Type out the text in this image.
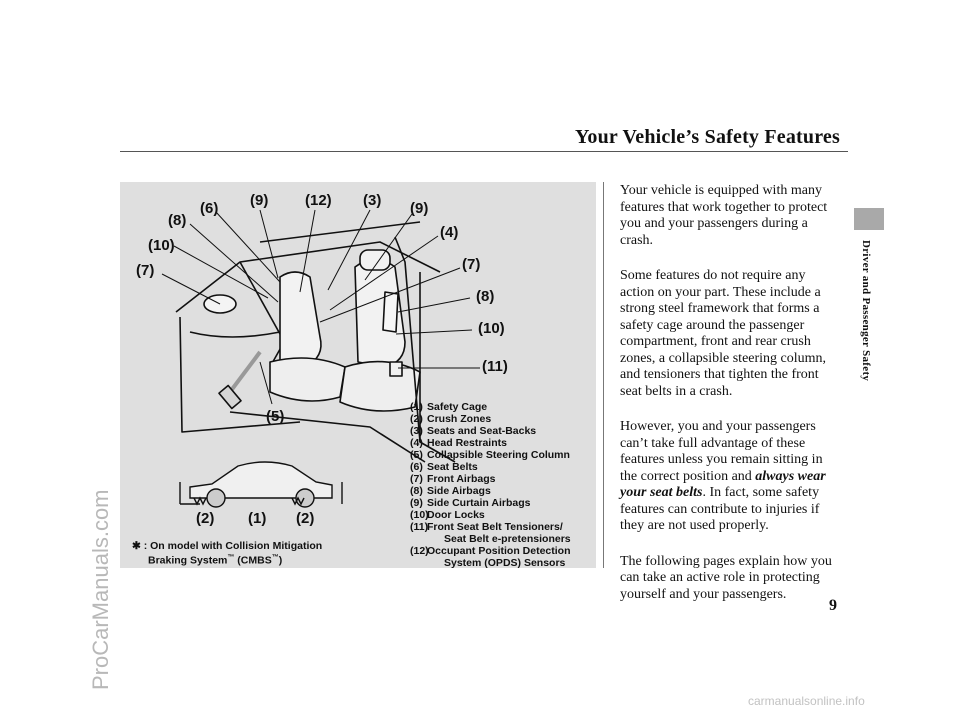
Your Vehicle’s Safety Features
(6) (9) (12) (3) (9)
(8)
(4)
(10)
(7)	(7)
(8)
(10)
(11)
(5)
(2) (1) (2)
(1) Safety Cage
(2) Crush Zones
(3) Seats and Seat-Backs
(4) Head Restraints
(5) Collapsible Steering Column
(6) Seat Belts
(7) Front Airbags
(8) Side Airbags
(9) Side Curtain Airbags
(10)
Door Locks
(11)
Front Seat Belt Tensioners/
Seat Belt e-pretensioners
(12)
Occupant Position Detection
System (OPDS) Sensors
✱ : On model with Collision Mitigation
Braking System™ (CMBS™)

Your vehicle is equipped with many features that work together to protect you and your passengers during a crash.

Some features do not require any action on your part. These include a strong steel framework that forms a safety cage around the passenger compartment, front and rear crush zones, a collapsible steering column, and tensioners that tighten the front seat belts in a crash.

However, you and your passengers can’t take full advantage of these features unless you remain sitting in the correct position and always wear your seat belts. In fact, some safety features can contribute to injuries if they are not used properly.

The following pages explain how you can take an active role in protecting yourself and your passengers.

Driver and Passenger Safety
9
ProCarManuals.com
carmanualsonline.info
